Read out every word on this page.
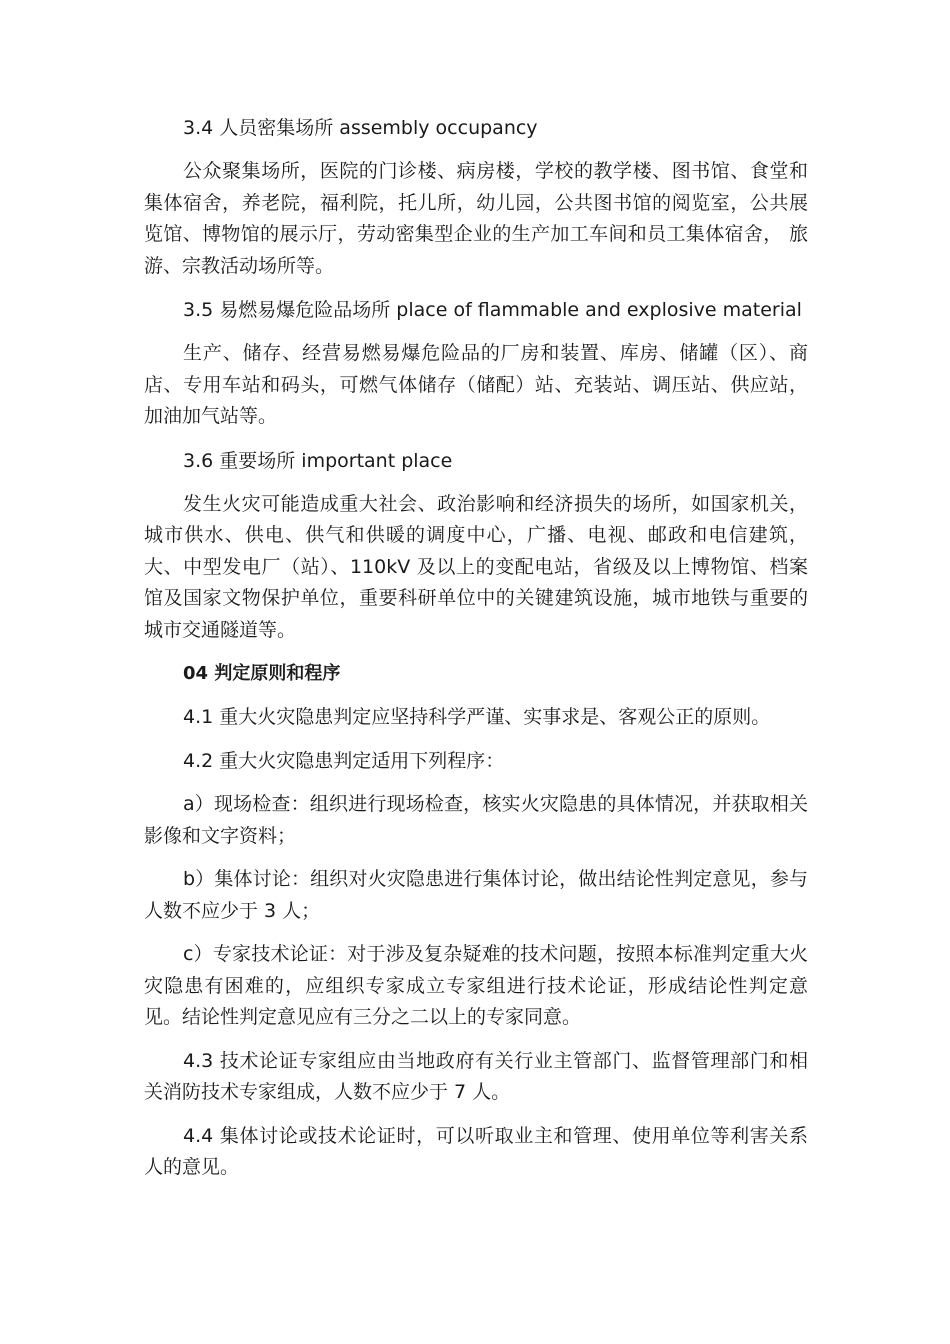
3.4 人员密集场所 assembly occupancy
公众聚集场所，医院的门诊楼、病房楼，学校的教学楼、图书馆、食堂和集体宿舍，养老院，福利院，托儿所，幼儿园，公共图书馆的阅览室，公共展览馆、博物馆的展示厅，劳动密集型企业的生产加工车间和员工集体宿舍， 旅游、宗教活动场所等。
3.5 易燃易爆危险品场所 place of flammable and explosive material
生产、储存、经营易燃易爆危险品的厂房和装置、库房、储罐（区）、商店、专用车站和码头，可燃气体储存（储配）站、充装站、调压站、供应站，加油加气站等。
3.6 重要场所 important place
发生火灾可能造成重大社会、政治影响和经济损失的场所，如国家机关，城市供水、供电、供气和供暖的调度中心，广播、电视、邮政和电信建筑，大、中型发电厂（站）、110kV 及以上的变配电站，省级及以上博物馆、档案馆及国家文物保护单位，重要科研单位中的关键建筑设施，城市地铁与重要的城市交通隧道等。
04 判定原则和程序
4.1 重大火灾隐患判定应坚持科学严谨、实事求是、客观公正的原则。
4.2 重大火灾隐患判定适用下列程序：
a）现场检查：组织进行现场检查，核实火灾隐患的具体情况，并获取相关影像和文字资料；
b）集体讨论：组织对火灾隐患进行集体讨论，做出结论性判定意见，参与人数不应少于 3 人；
c）专家技术论证：对于涉及复杂疑难的技术问题，按照本标准判定重大火灾隐患有困难的，应组织专家成立专家组进行技术论证，形成结论性判定意见。结论性判定意见应有三分之二以上的专家同意。
4.3 技术论证专家组应由当地政府有关行业主管部门、监督管理部门和相关消防技术专家组成，人数不应少于 7 人。
4.4 集体讨论或技术论证时，可以听取业主和管理、使用单位等利害关系人的意见。
